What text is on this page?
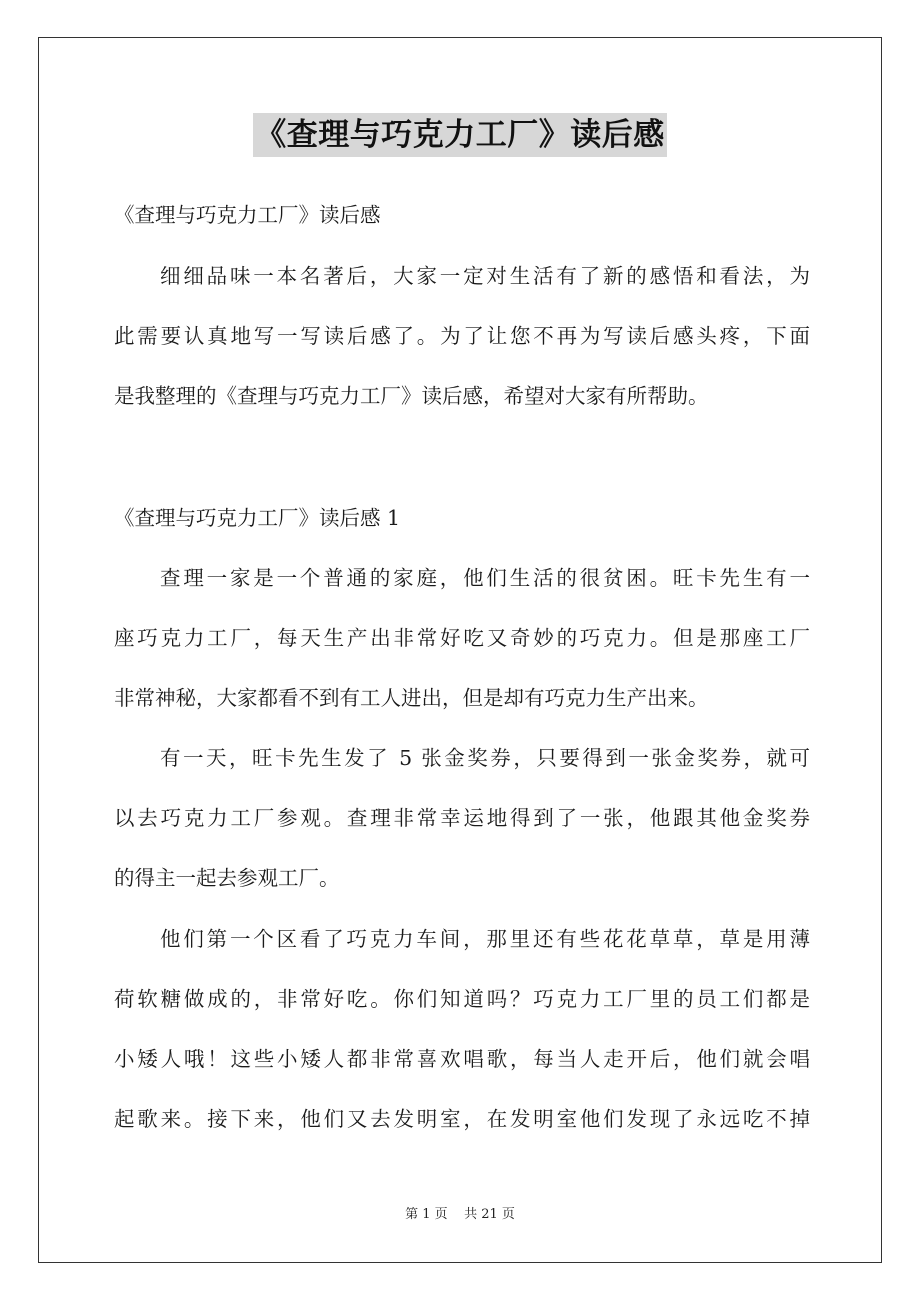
《查理与巧克力工厂》读后感
《查理与巧克力工厂》读后感
细细品味一本名著后，大家一定对生活有了新的感悟和看法，为
此需要认真地写一写读后感了。为了让您不再为写读后感头疼，下面
是我整理的《查理与巧克力工厂》读后感，希望对大家有所帮助。
《查理与巧克力工厂》读后感 1
查理一家是一个普通的家庭，他们生活的很贫困。旺卡先生有一
座巧克力工厂，每天生产出非常好吃又奇妙的巧克力。但是那座工厂
非常神秘，大家都看不到有工人进出，但是却有巧克力生产出来。
有一天，旺卡先生发了 5 张金奖券，只要得到一张金奖券，就可
以去巧克力工厂参观。查理非常幸运地得到了一张，他跟其他金奖券
的得主一起去参观工厂。
他们第一个区看了巧克力车间，那里还有些花花草草，草是用薄
荷软糖做成的，非常好吃。你们知道吗？巧克力工厂里的员工们都是
小矮人哦！这些小矮人都非常喜欢唱歌，每当人走开后，他们就会唱
起歌来。接下来，他们又去发明室，在发明室他们发现了永远吃不掉
第 1 页    共 21 页
